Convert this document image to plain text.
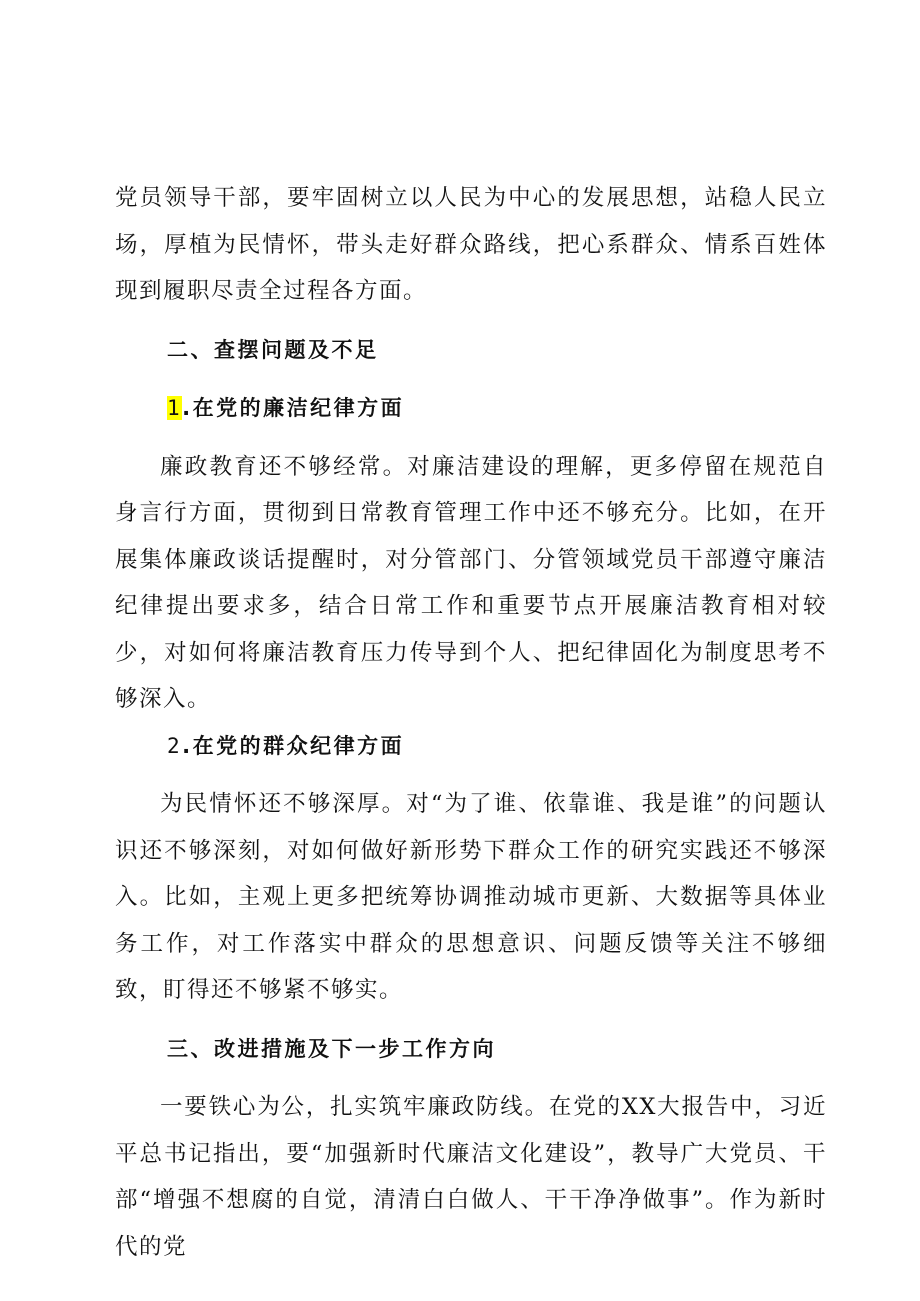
党员领导干部，要牢固树立以人民为中心的发展思想，站稳人民立场，厚植为民情怀，带头走好群众路线，把心系群众、情系百姓体现到履职尽责全过程各方面。

二、查摆问题及不足

1.在党的廉洁纪律方面

廉政教育还不够经常。对廉洁建设的理解，更多停留在规范自身言行方面，贯彻到日常教育管理工作中还不够充分。比如，在开展集体廉政谈话提醒时，对分管部门、分管领域党员干部遵守廉洁纪律提出要求多，结合日常工作和重要节点开展廉洁教育相对较少，对如何将廉洁教育压力传导到个人、把纪律固化为制度思考不够深入。

2.在党的群众纪律方面

为民情怀还不够深厚。对“为了谁、依靠谁、我是谁”的问题认识还不够深刻，对如何做好新形势下群众工作的研究实践还不够深入。比如，主观上更多把统筹协调推动城市更新、大数据等具体业务工作，对工作落实中群众的思想意识、问题反馈等关注不够细致，盯得还不够紧不够实。

三、改进措施及下一步工作方向

一要铁心为公，扎实筑牢廉政防线。在党的XX大报告中，习近平总书记指出，要“加强新时代廉洁文化建设”，教导广大党员、干部“增强不想腐的自觉，清清白白做人、干干净净做事”。作为新时代的党
